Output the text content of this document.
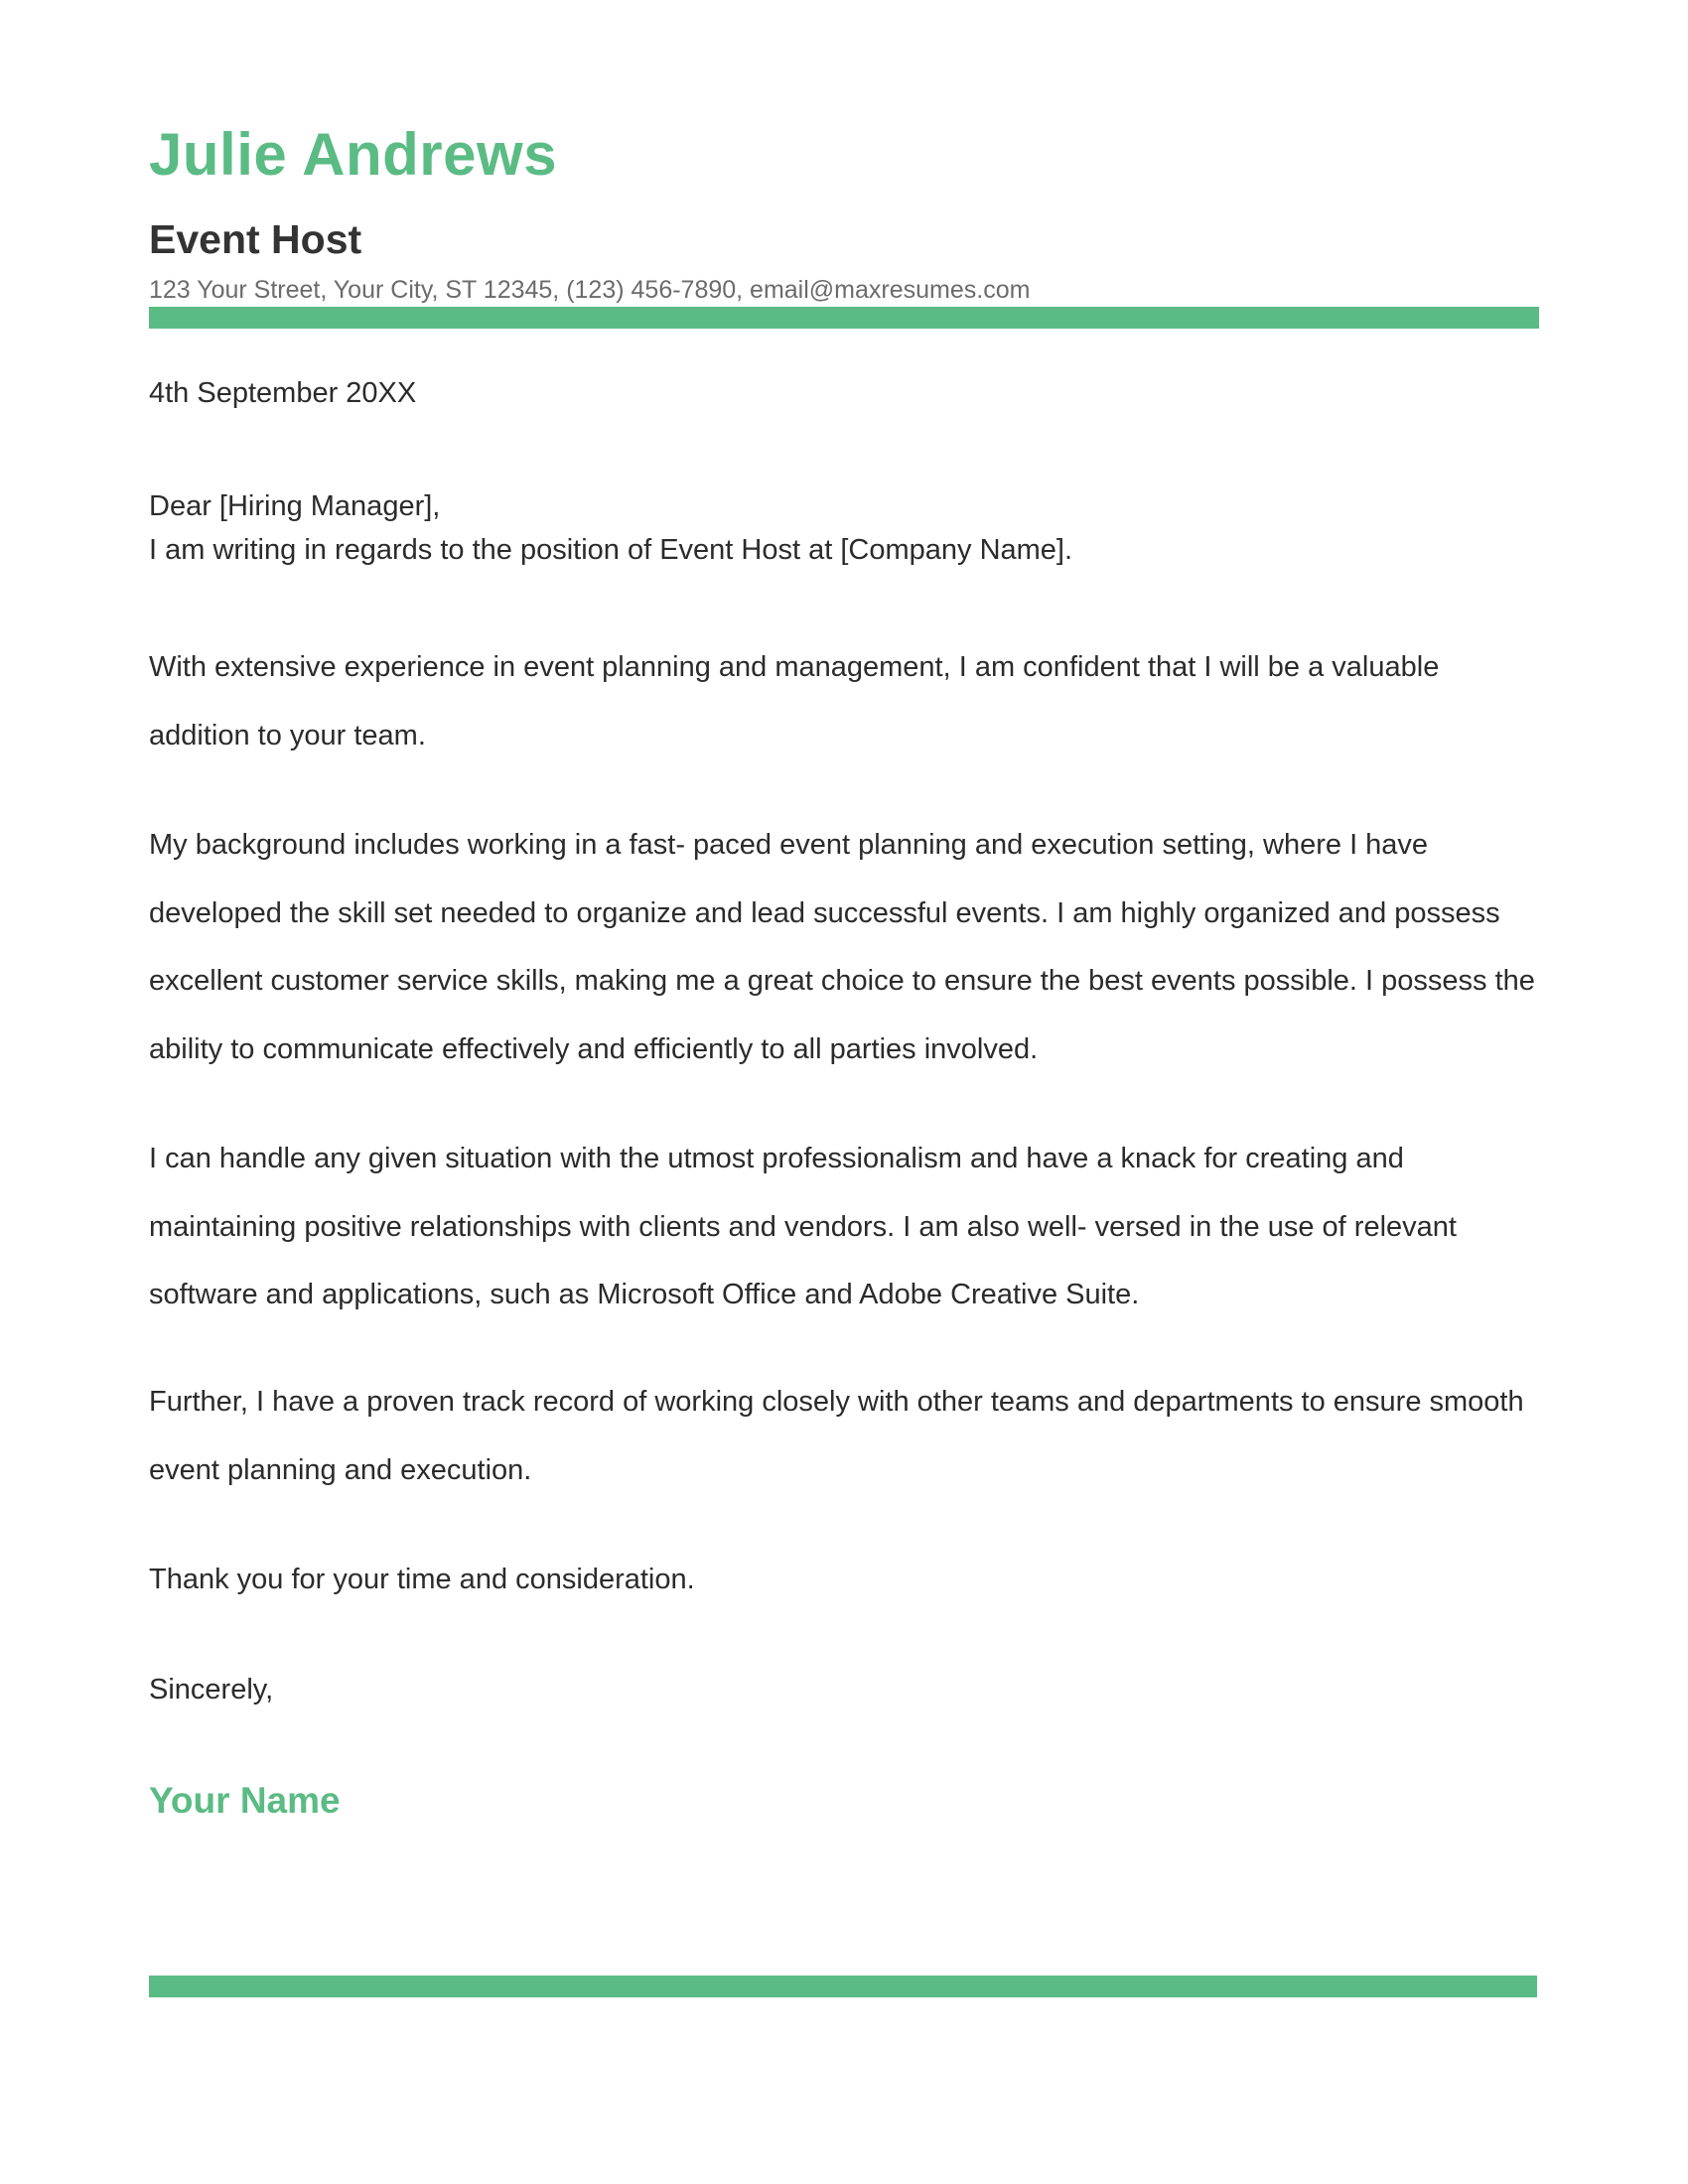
Julie Andrews
Event Host

123 Your Street, Your City, ST 12345, (123) 456-7890, email@maxresumes.com

4th September 20XX

Dear [Hiring Manager],

I am writing in regards to the position of Event Host at [Company Name].

With extensive experience in event planning and management, I am confident that I will be a valuable addition to your team.

My background includes working in a fast- paced event planning and execution setting, where I have developed the skill set needed to organize and lead successful events. I am highly organized and possess excellent customer service skills, making me a great choice to ensure the best events possible. I possess the ability to communicate effectively and efficiently to all parties involved.

I can handle any given situation with the utmost professionalism and have a knack for creating and maintaining positive relationships with clients and vendors. I am also well- versed in the use of relevant software and applications, such as Microsoft Office and Adobe Creative Suite.

Further, I have a proven track record of working closely with other teams and departments to ensure smooth event planning and execution.

Thank you for your time and consideration.

Sincerely,

Your Name
